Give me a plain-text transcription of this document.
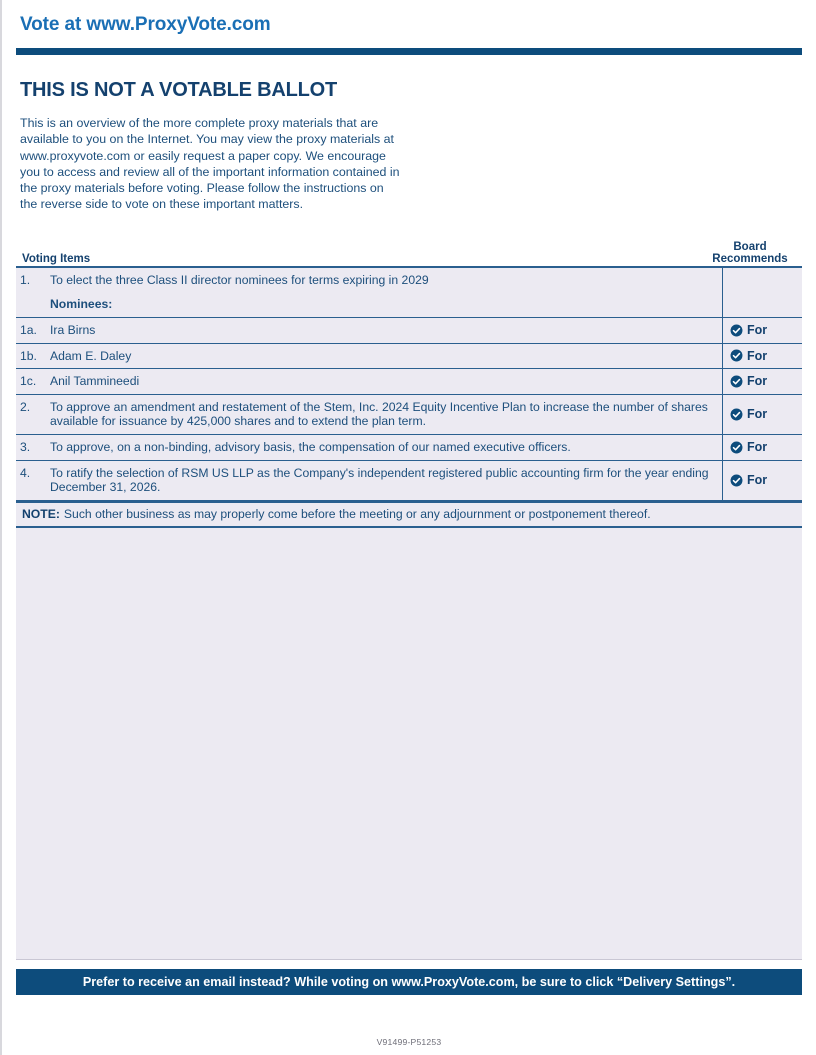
Vote at www.ProxyVote.com
THIS IS NOT A VOTABLE BALLOT
This is an overview of the more complete proxy materials that are available to you on the Internet. You may view the proxy materials at www.proxyvote.com or easily request a paper copy. We encourage you to access and review all of the important information contained in the proxy materials before voting. Please follow the instructions on the reverse side to vote on these important matters.
Voting Items
Board
Recommends
1.	To elect the three Class II director nominees for terms expiring in 2029
Nominees:
1a.	Ira Birns	For
1b.	Adam E. Daley	For
1c.	Anil Tammineedi	For
2.	To approve an amendment and restatement of the Stem, Inc. 2024 Equity Incentive Plan to increase the number of shares available for issuance by 425,000 shares and to extend the plan term.	For
3.	To approve, on a non-binding, advisory basis, the compensation of our named executive officers.	For
4.	To ratify the selection of RSM US LLP as the Company's independent registered public accounting firm for the year ending December 31, 2026.	For
NOTE: Such other business as may properly come before the meeting or any adjournment or postponement thereof.
Prefer to receive an email instead? While voting on www.ProxyVote.com, be sure to click “Delivery Settings”.
V91499-P51253
